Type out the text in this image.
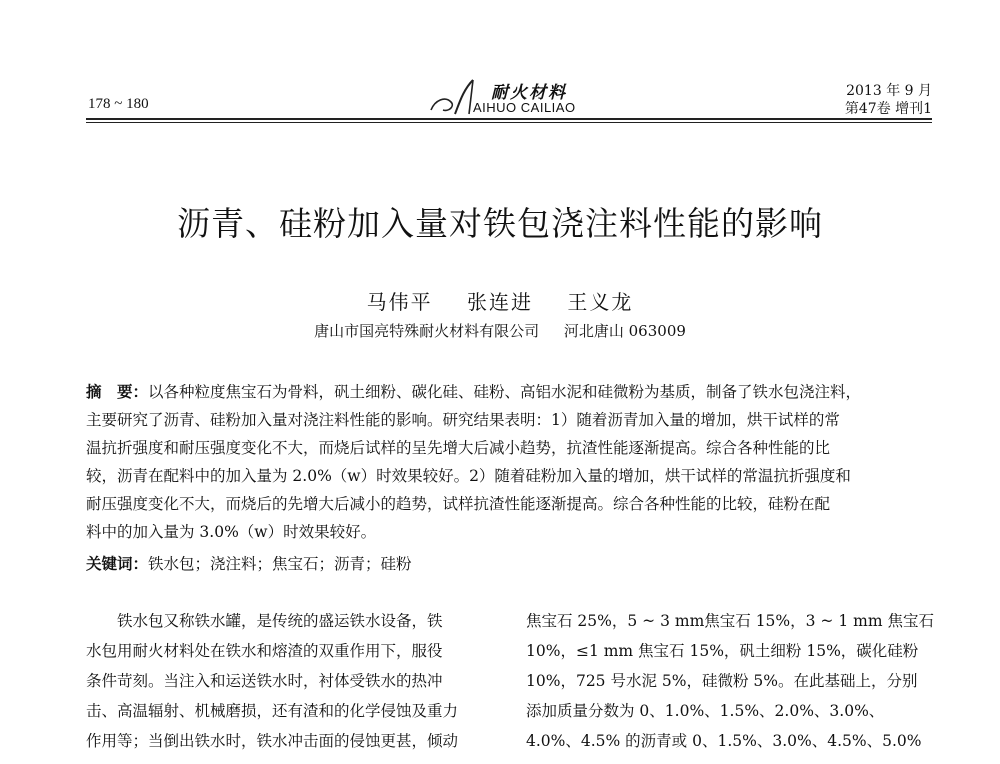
178 ~ 180
耐火材料
AIHUO CAILIAO
2013 年 9 月
第47卷 增刊1
沥青、硅粉加入量对铁包浇注料性能的影响
马伟平 张连进 王义龙
唐山市国亮特殊耐火材料有限公司 河北唐山 063009
摘　要：以各种粒度焦宝石为骨料，矾土细粉、碳化硅、硅粉、高铝水泥和硅微粉为基质，制备了铁水包浇注料，
主要研究了沥青、硅粉加入量对浇注料性能的影响。研究结果表明：1）随着沥青加入量的增加，烘干试样的常
温抗折强度和耐压强度变化不大，而烧后试样的呈先增大后减小趋势，抗渣性能逐渐提高。综合各种性能的比
较，沥青在配料中的加入量为 2.0%（w）时效果较好。2）随着硅粉加入量的增加，烘干试样的常温抗折强度和
耐压强度变化不大，而烧后的先增大后减小的趋势，试样抗渣性能逐渐提高。综合各种性能的比较，硅粉在配
料中的加入量为 3.0%（w）时效果较好。
关键词：铁水包；浇注料；焦宝石；沥青；硅粉
　　铁水包又称铁水罐，是传统的盛运铁水设备，铁
水包用耐火材料处在铁水和熔渣的双重作用下，服役
条件苛刻。当注入和运送铁水时，衬体受铁水的热冲
击、高温辐射、机械磨损，还有渣和的化学侵蚀及重力
作用等；当倒出铁水时，铁水冲击面的侵蚀更甚，倾动
焦宝石 25%，5 ~ 3 mm焦宝石 15%，3 ~ 1 mm 焦宝石
10%，≤1 mm 焦宝石 15%，矾土细粉 15%，碳化硅粉
10%，725 号水泥 5%，硅微粉 5%。在此基础上，分别
添加质量分数为 0、1.0%、1.5%、2.0%、3.0%、
4.0%、4.5% 的沥青或 0、1.5%、3.0%、4.5%、5.0%
